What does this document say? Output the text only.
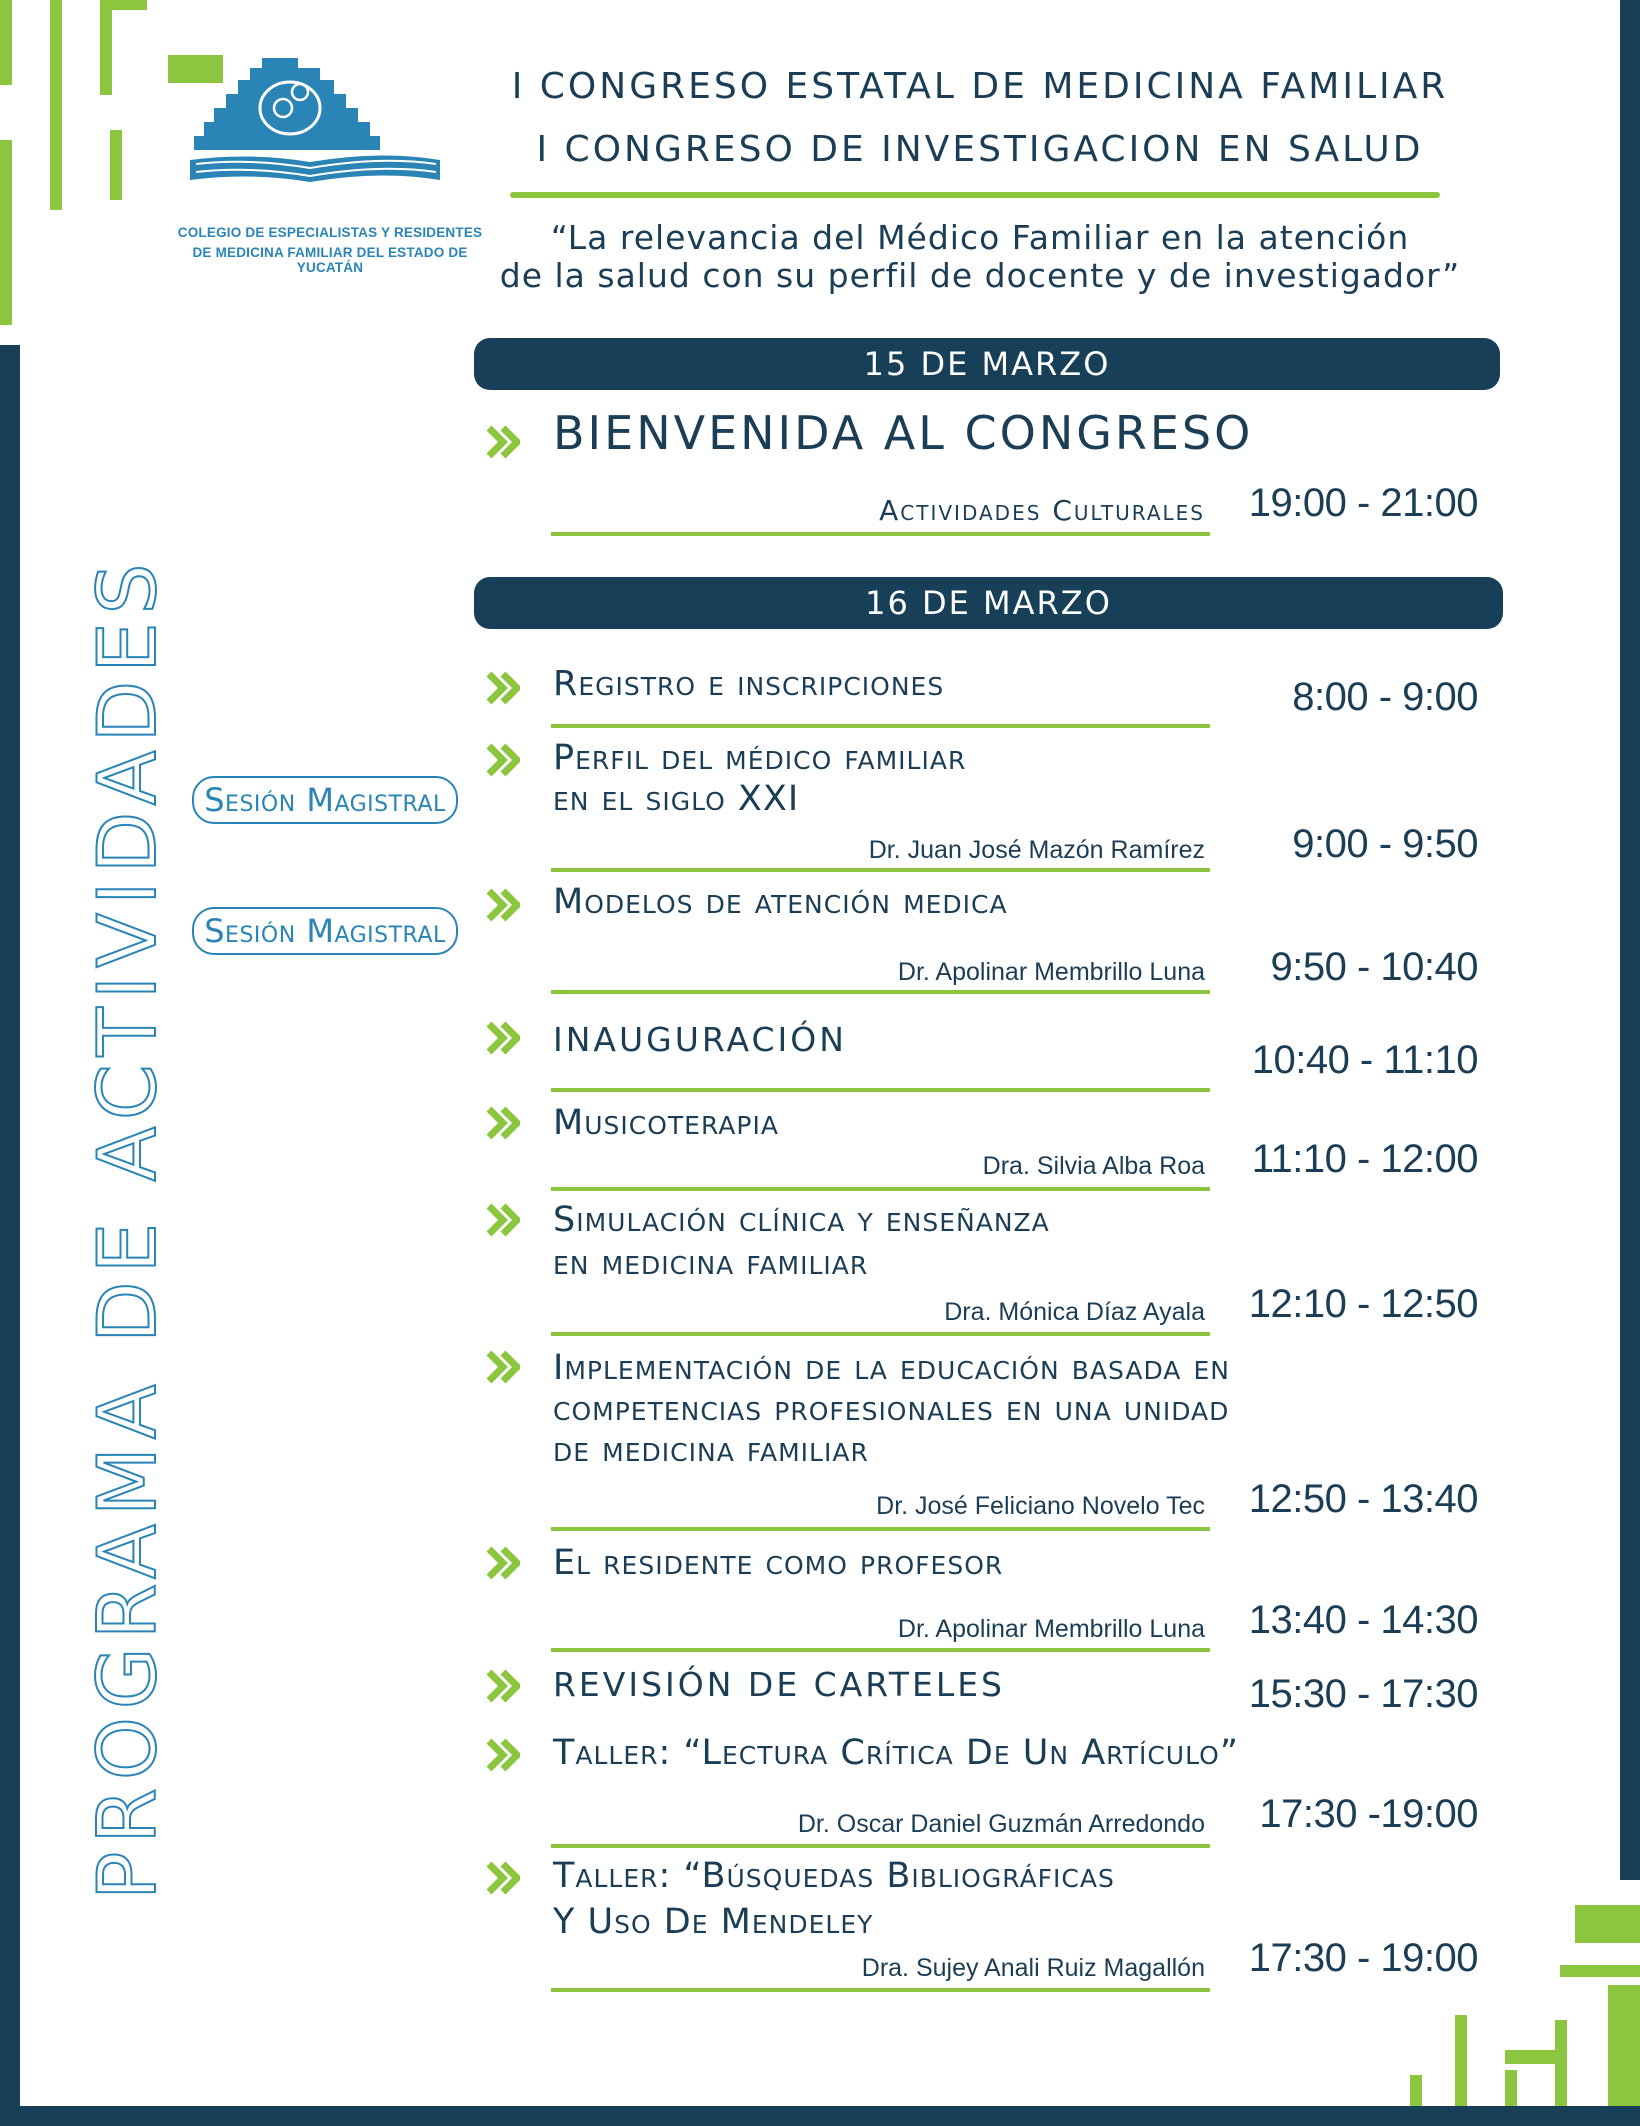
COLEGIO DE ESPECIALISTAS Y RESIDENTES
DE MEDICINA FAMILIAR DEL ESTADO DE YUCATÁN
I CONGRESO ESTATAL DE MEDICINA FAMILIAR
I CONGRESO DE INVESTIGACION EN SALUD
“La relevancia del Médico Familiar en la atención
de la salud con su perfil de docente y de investigador”
PROGRAMA DE ACTIVIDADES Sesión Magistral
Sesión Magistral
15 DE MARZO
BIENVENIDA AL CONGRESO
Actividades Culturales 19:00 - 21:00
16 DE MARZO
Registro e inscripciones	8:00 - 9:00
Perfil del médico familiar
en el siglo XXI
Dr. Juan José Mazón Ramírez 9:00 - 9:50
Modelos de atención medica
Dr. Apolinar Membrillo Luna 9:50 - 10:40
INAUGURACIÓN	10:40 - 11:10
Musicoterapia
Dra. Silvia Alba Roa 11:10 - 12:00
Simulación clínica y enseñanza
en medicina familiar
Dra. Mónica Díaz Ayala 12:10 - 12:50
Implementación de la educación basada en
competencias profesionales en una unidad
de medicina familiar
Dr. José Feliciano Novelo Tec 12:50 - 13:40
El residente como profesor
Dr. Apolinar Membrillo Luna 13:40 - 14:30
REVISIÓN DE CARTELES	15:30 - 17:30
Taller: “Lectura Crítica De Un Artículo”
Dr. Oscar Daniel Guzmán Arredondo 17:30 -19:00
Taller: “Búsquedas Bibliográficas
Y Uso De Mendeley
Dra. Sujey Anali Ruiz Magallón 17:30 - 19:00
